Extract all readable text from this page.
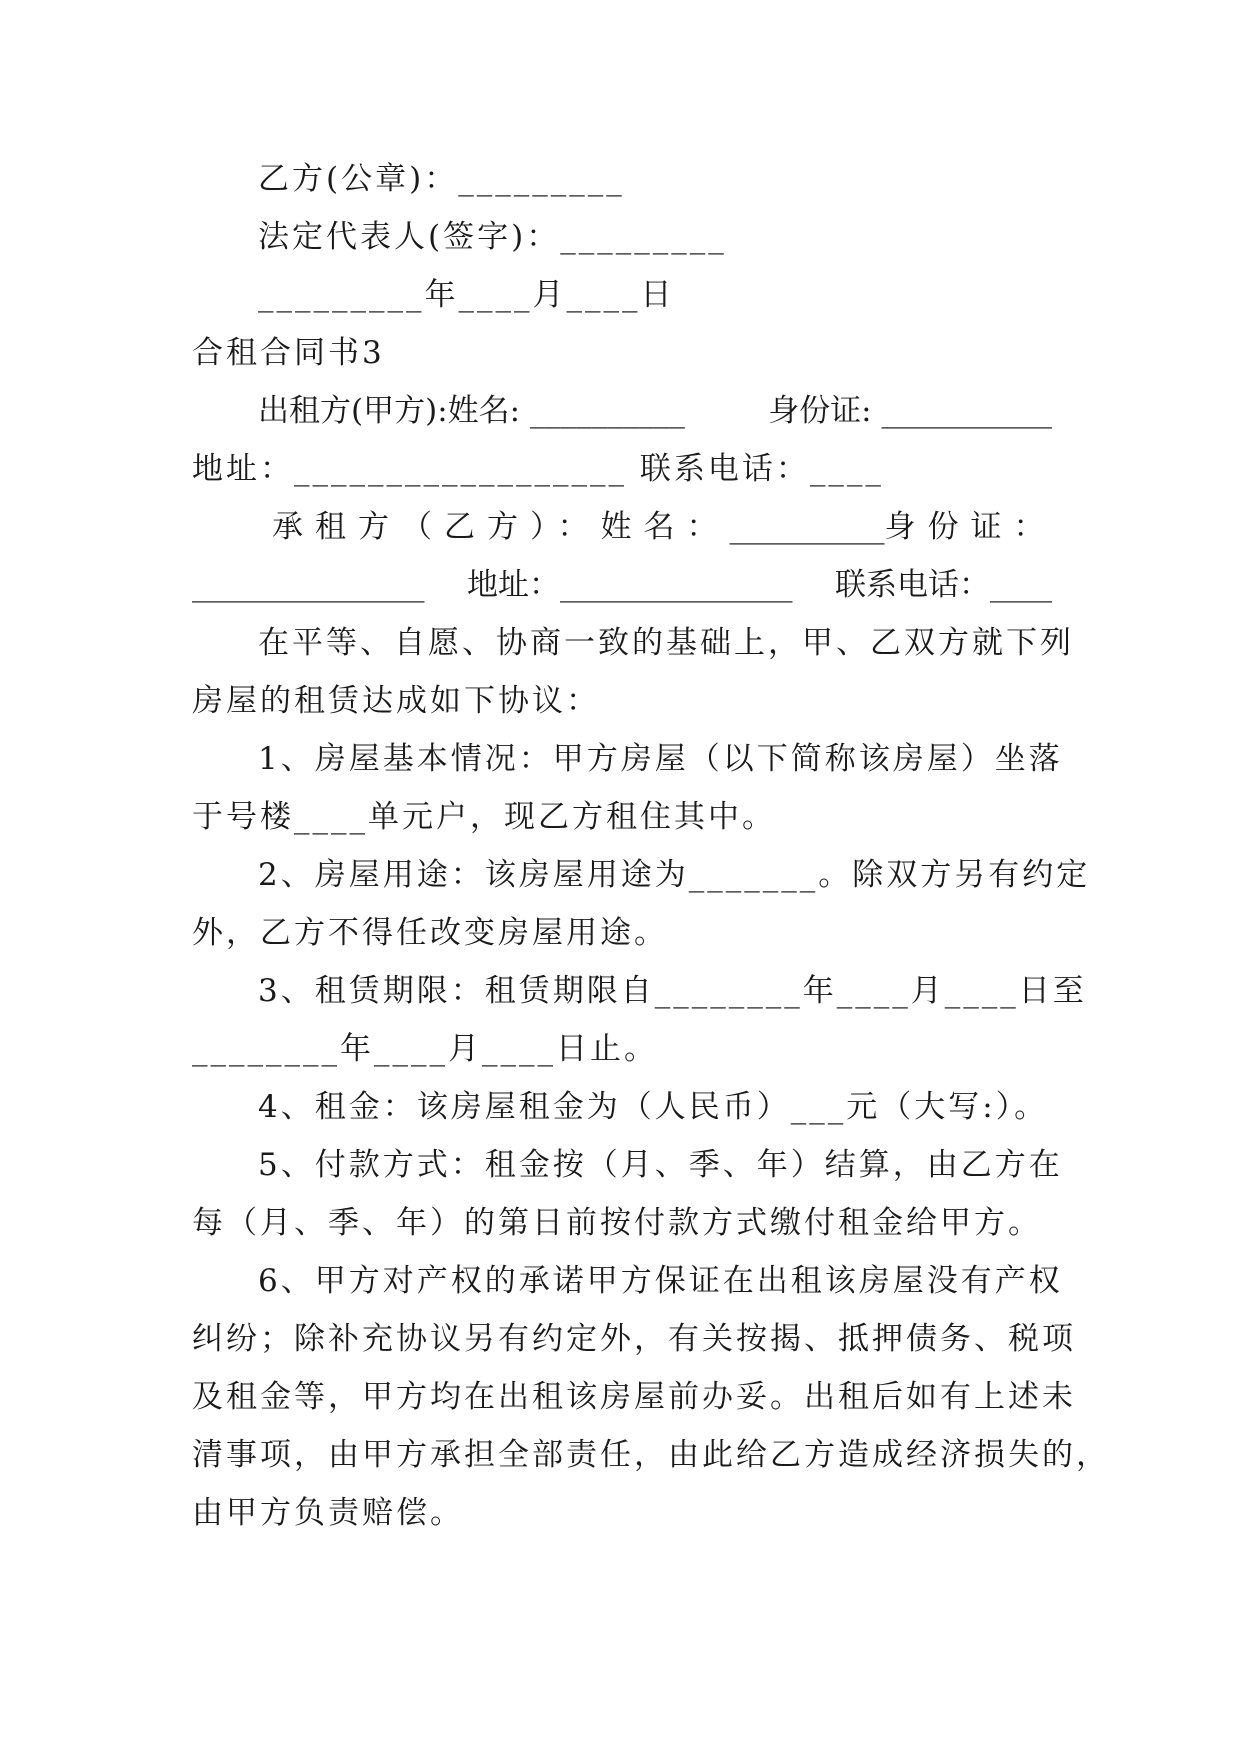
乙方(公章)：_________
法定代表人(签字)：_________
_________年____月____日
合租合同书3
出租方(甲方):姓名: __________	身份证: ___________
地址：__________________ 联系电话：____
承租方（乙方）：姓名： __________ 身份证：
_______________ 地址：_______________ 联系电话：____
在平等、自愿、协商一致的基础上，甲、乙双方就下列
房屋的租赁达成如下协议：
1、房屋基本情况：甲方房屋（以下简称该房屋）坐落
于号楼____单元户，现乙方租住其中。
2、房屋用途：该房屋用途为_______。除双方另有约定
外，乙方不得任改变房屋用途。
3、租赁期限：租赁期限自________年____月____日至
________年____月____日止。
4、租金：该房屋租金为（人民币）___元（大写:）。
5、付款方式：租金按（月、季、年）结算，由乙方在
每（月、季、年）的第日前按付款方式缴付租金给甲方。
6、甲方对产权的承诺甲方保证在出租该房屋没有产权
纠纷；除补充协议另有约定外，有关按揭、抵押债务、税项
及租金等，甲方均在出租该房屋前办妥。出租后如有上述未
清事项，由甲方承担全部责任，由此给乙方造成经济损失的，
由甲方负责赔偿。
